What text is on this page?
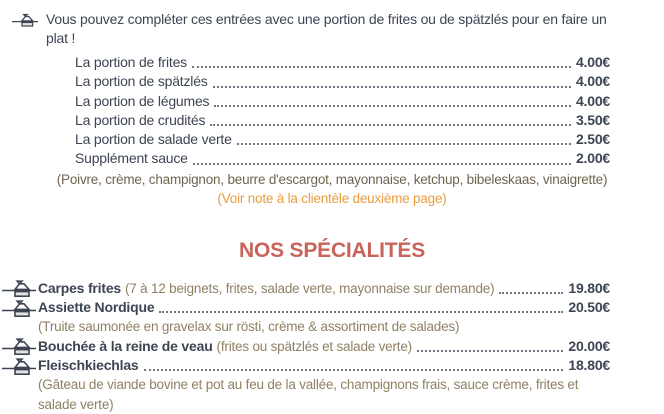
Vous pouvez compléter ces entrées avec une portion de frites ou de spätzlés pour en faire un plat !
La portion de frites	4.00€
La portion de spätzlés	4.00€
La portion de légumes	4.00€
La portion de crudités	3.50€
La portion de salade verte	2.50€
Supplément sauce	2.00€
(Poivre, crème, champignon, beurre d'escargot, mayonnaise, ketchup, bibeleskaas, vinaigrette)
(Voir note à la clientèle deuxième page)
NOS SPÉCIALITÉS
Carpes frites (7 à 12 beignets, frites, salade verte, mayonnaise sur demande)	19.80€
Assiette Nordique	20.50€
(Truite saumonée en gravelax sur rösti, crème & assortiment de salades)
Bouchée à la reine de veau (frites ou spätzlés et salade verte)	20.00€
Fleischkiechlas	18.80€
(Gâteau de viande bovine et pot au feu de la vallée, champignons frais, sauce crème, frites et salade verte)
